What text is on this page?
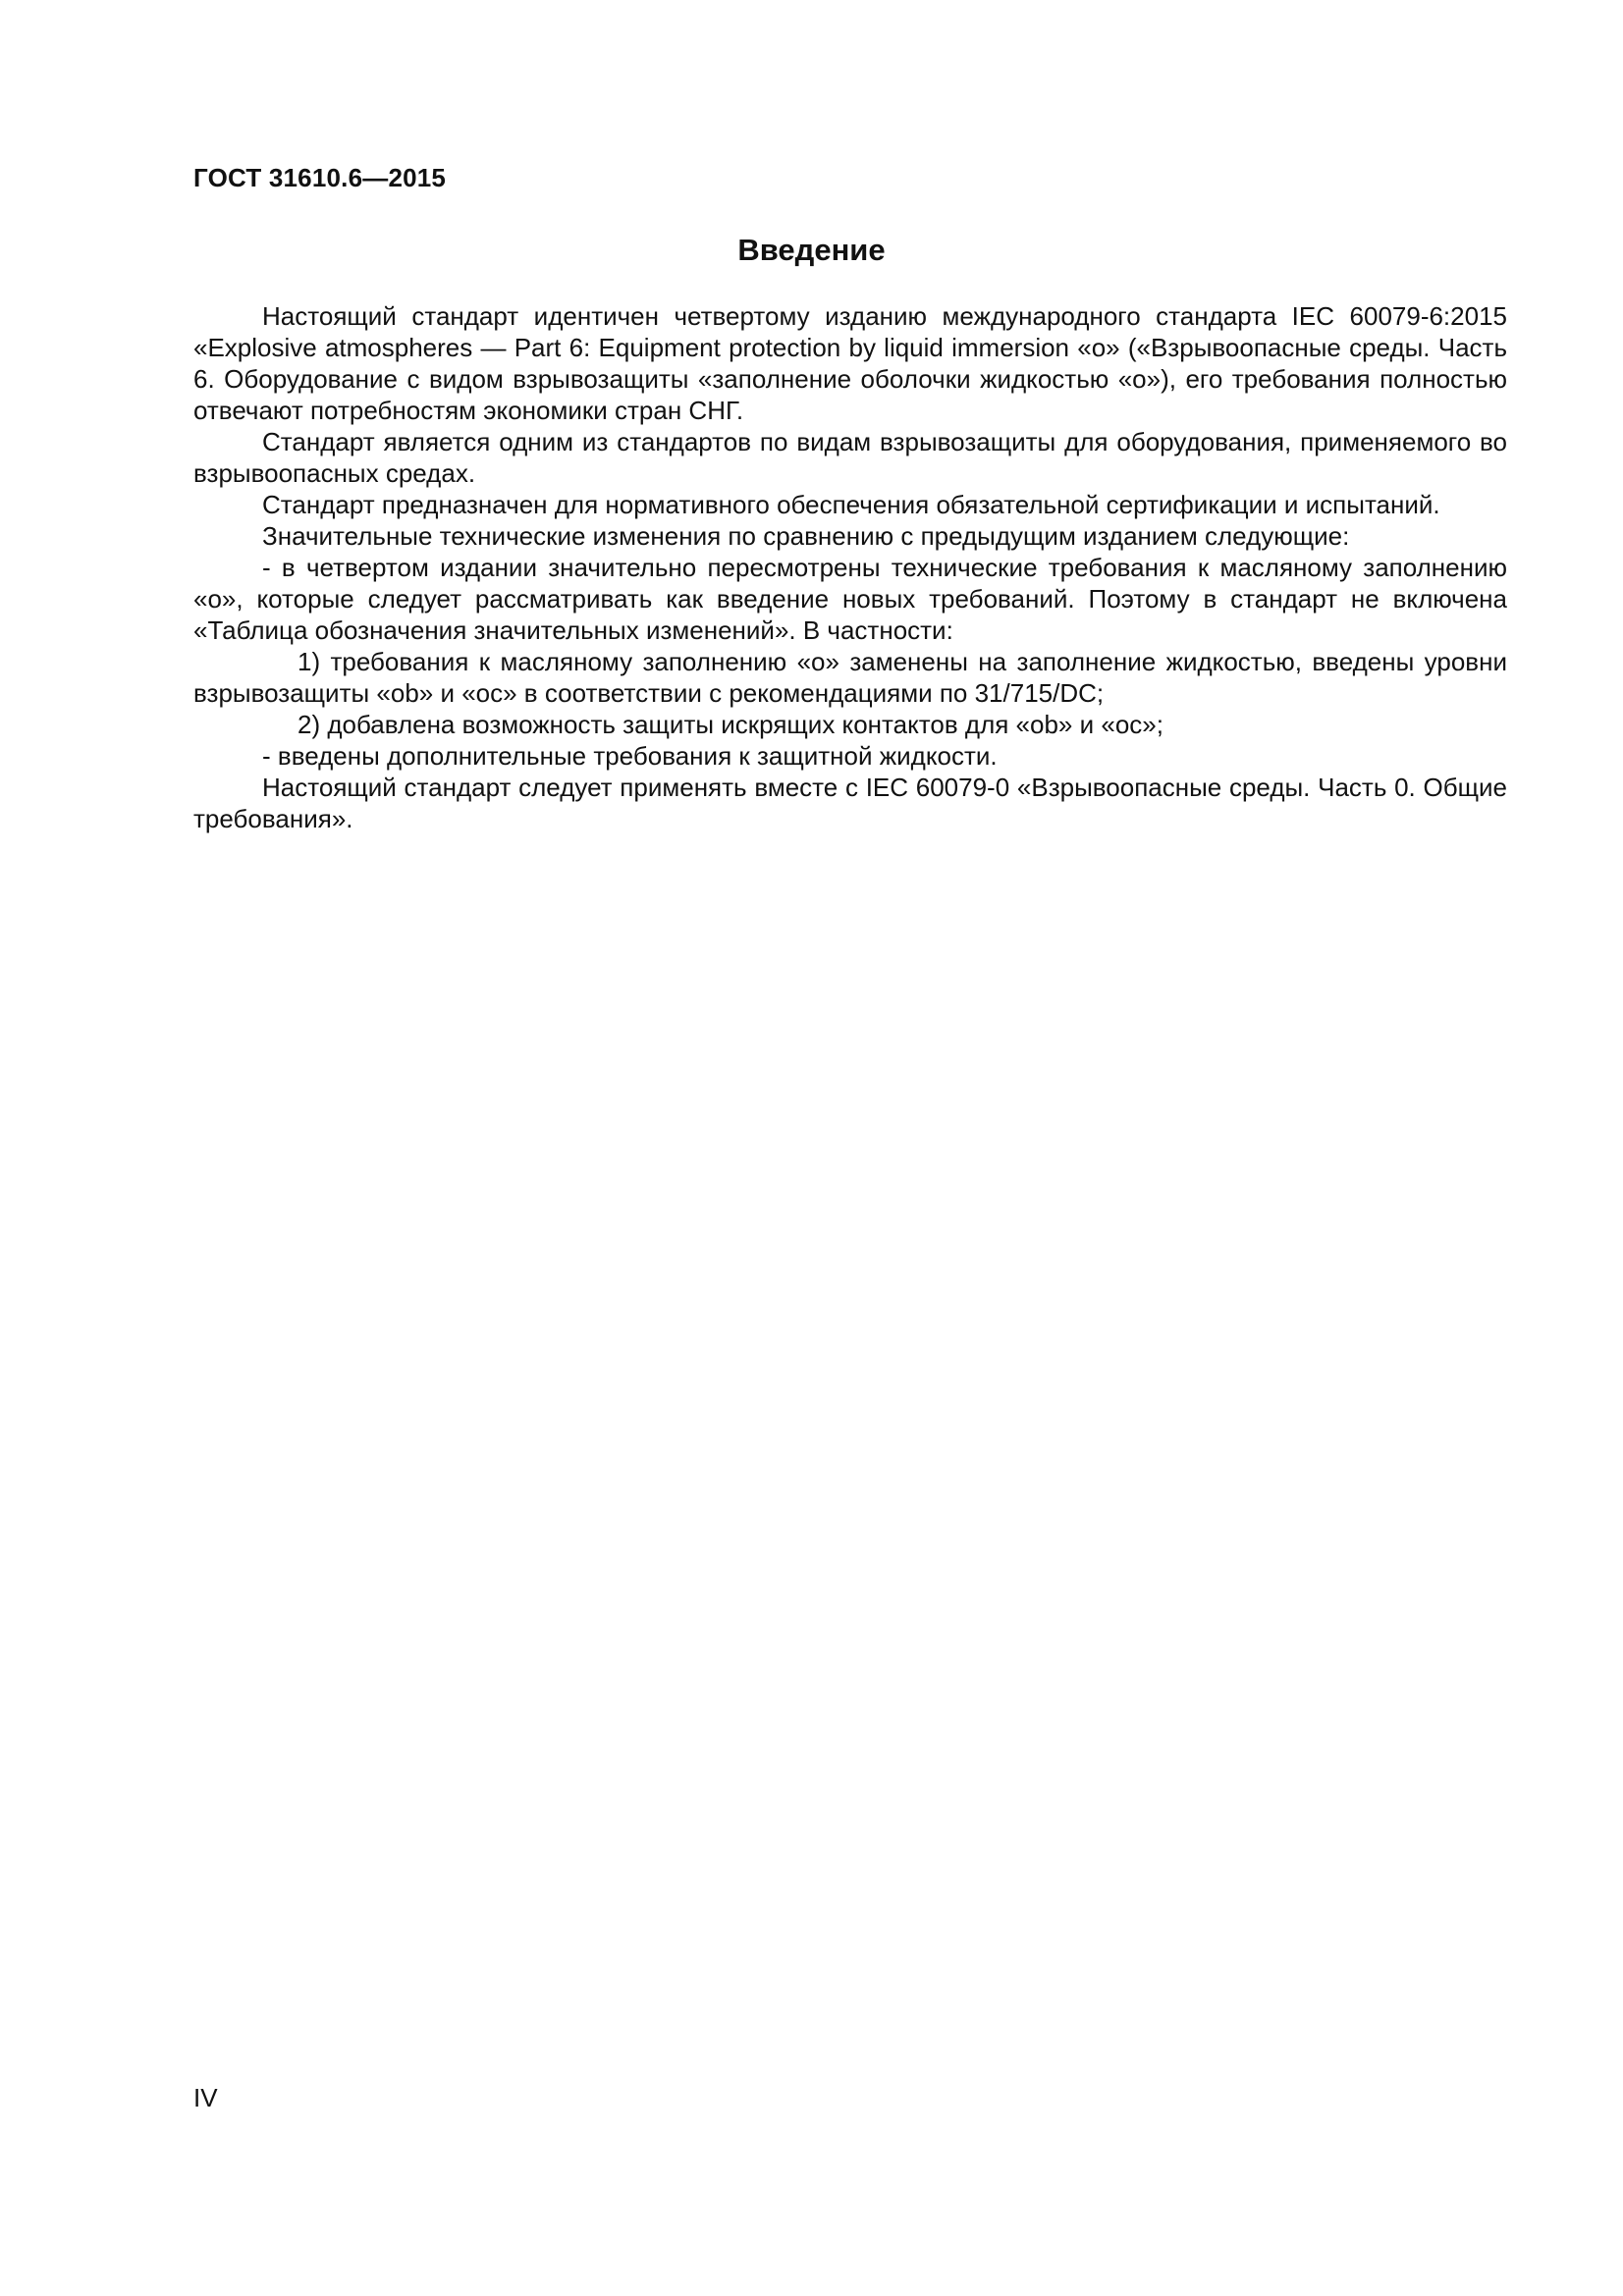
ГОСТ 31610.6—2015
Введение

Настоящий стандарт идентичен четвертому изданию международного стандарта IEC 60079-6:2015 «Explosive atmospheres — Part 6: Equipment protection by liquid immersion «o» («Взрывоопасные среды. Часть 6. Оборудование с видом взрывозащиты «заполнение оболочки жидкостью «o»), его требования полностью отвечают потребностям экономики стран СНГ.

Стандарт является одним из стандартов по видам взрывозащиты для оборудования, применяемого во взрывоопасных средах.

Стандарт предназначен для нормативного обеспечения обязательной сертификации и испытаний.

Значительные технические изменения по сравнению с предыдущим изданием следующие:

- в четвертом издании значительно пересмотрены технические требования к масляному заполнению «o», которые следует рассматривать как введение новых требований. Поэтому в стандарт не включена «Таблица обозначения значительных изменений». В частности:

1) требования к масляному заполнению «o» заменены на заполнение жидкостью, введены уровни взрывозащиты «ob» и «oc» в соответствии с рекомендациями по 31/715/DC;

2) добавлена возможность защиты искрящих контактов для «ob» и «oc»;

- введены дополнительные требования к защитной жидкости.

Настоящий стандарт следует применять вместе с IEC 60079-0 «Взрывоопасные среды. Часть 0. Общие требования».

IV
